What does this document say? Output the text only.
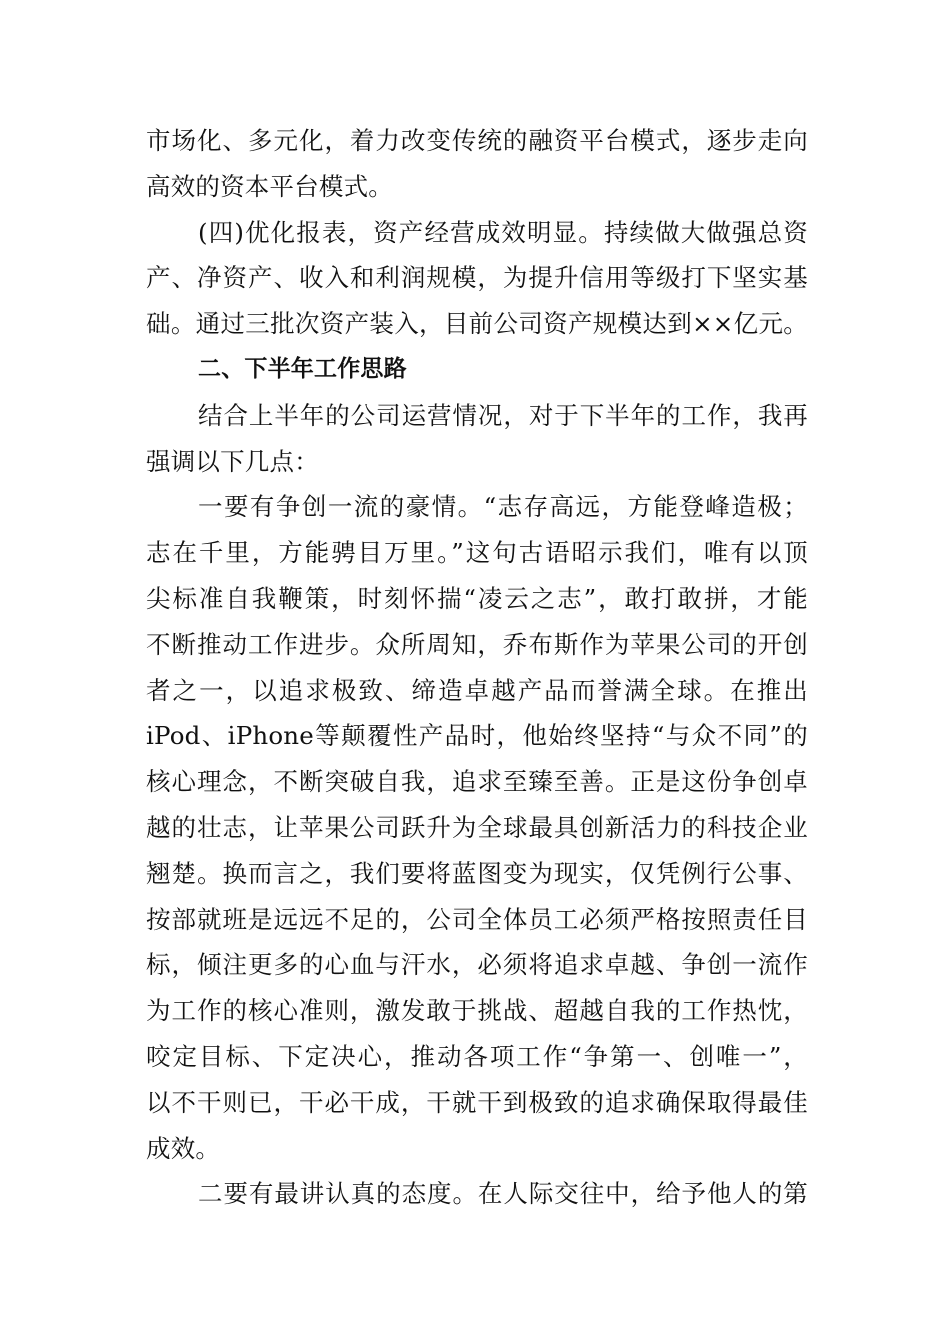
市场化、多元化，着力改变传统的融资平台模式，逐步走向
高效的资本平台模式。
(四)优化报表，资产经营成效明显。持续做大做强总资
产、净资产、收入和利润规模，为提升信用等级打下坚实基
础。通过三批次资产装入，目前公司资产规模达到××亿元。
二、下半年工作思路
结合上半年的公司运营情况，对于下半年的工作，我再
强调以下几点：
一要有争创一流的豪情。“志存高远，方能登峰造极；
志在千里，方能骋目万里。”这句古语昭示我们，唯有以顶
尖标准自我鞭策，时刻怀揣“凌云之志”，敢打敢拼，才能
不断推动工作进步。众所周知，乔布斯作为苹果公司的开创
者之一，以追求极致、缔造卓越产品而誉满全球。在推出
iPod、iPhone等颠覆性产品时，他始终坚持“与众不同”的
核心理念，不断突破自我，追求至臻至善。正是这份争创卓
越的壮志，让苹果公司跃升为全球最具创新活力的科技企业
翘楚。换而言之，我们要将蓝图变为现实，仅凭例行公事、
按部就班是远远不足的，公司全体员工必须严格按照责任目
标，倾注更多的心血与汗水，必须将追求卓越、争创一流作
为工作的核心准则，激发敢于挑战、超越自我的工作热忱，
咬定目标、下定决心，推动各项工作“争第一、创唯一”，
以不干则已，干必干成，干就干到极致的追求确保取得最佳
成效。
二要有最讲认真的态度。在人际交往中，给予他人的第
